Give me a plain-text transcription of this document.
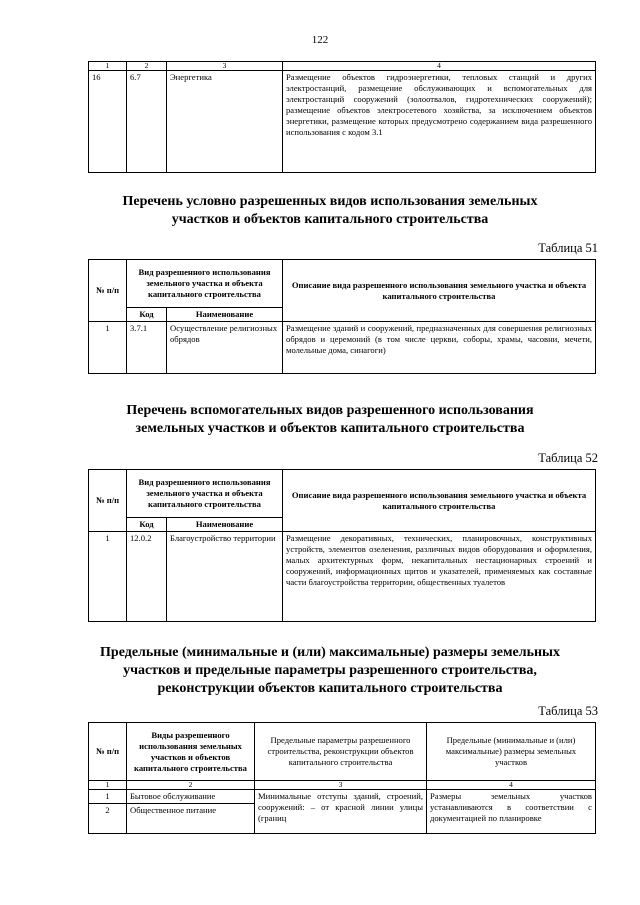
122
1	2	3	4
16	6.7	Энергетика	Размещение объектов гидроэнергетики, тепловых станций и других электростанций, размещение обслуживающих и вспомогательных для электростанций сооружений (золоотвалов, гидротехнических сооружений); размещение объектов электросетевого хозяйства, за исключением объектов энергетики, размещение которых предусмотрено содержанием вида разрешенного использования с кодом 3.1
Перечень условно разрешенных видов использования земельных
участков и объектов капитального строительства
Таблица 51
№ п/п	Вид разрешенного использования земельного участка и объекта капитального строительства		Описание вида разрешенного использования земельного участка и объекта капитального строительства
	Код	Наименование	
1	3.7.1	Осуществление религиозных обрядов	Размещение зданий и сооружений, предназначенных для совершения религиозных обрядов и церемоний (в том числе церкви, соборы, храмы, часовни, мечети, молельные дома, синагоги)
Перечень вспомогательных видов разрешенного использования
земельных участков и объектов капитального строительства
Таблица 52
№ п/п	Вид разрешенного использования земельного участка и объекта капитального строительства		Описание вида разрешенного использования земельного участка и объекта капитального строительства
	Код	Наименование	
1	12.0.2	Благоустройство территории	Размещение декоративных, технических, планировочных, конструктивных устройств, элементов озеленения, различных видов оборудования и оформления, малых архитектурных форм, некапитальных нестационарных строений и сооружений, информационных щитов и указателей, применяемых как составные части благоустройства территории, общественных туалетов
Предельные (минимальные и (или) максимальные) размеры земельных
участков и предельные параметры разрешенного строительства,
реконструкции объектов капитального строительства
Таблица 53
№ п/п	Виды разрешенного использования земельных участков и объектов капитального строительства	Предельные параметры разрешенного строительства, реконструкции объектов капитального строительства	Предельные (минимальные и (или) максимальные) размеры земельных участков
1	2	3	4
1	Бытовое обслуживание	Минимальные отступы зданий, строений, сооружений: – от красной линии улицы (границ	Размеры земельных участков устанавливаются в соответствии с документацией по планировке
2	Общественное питание		
